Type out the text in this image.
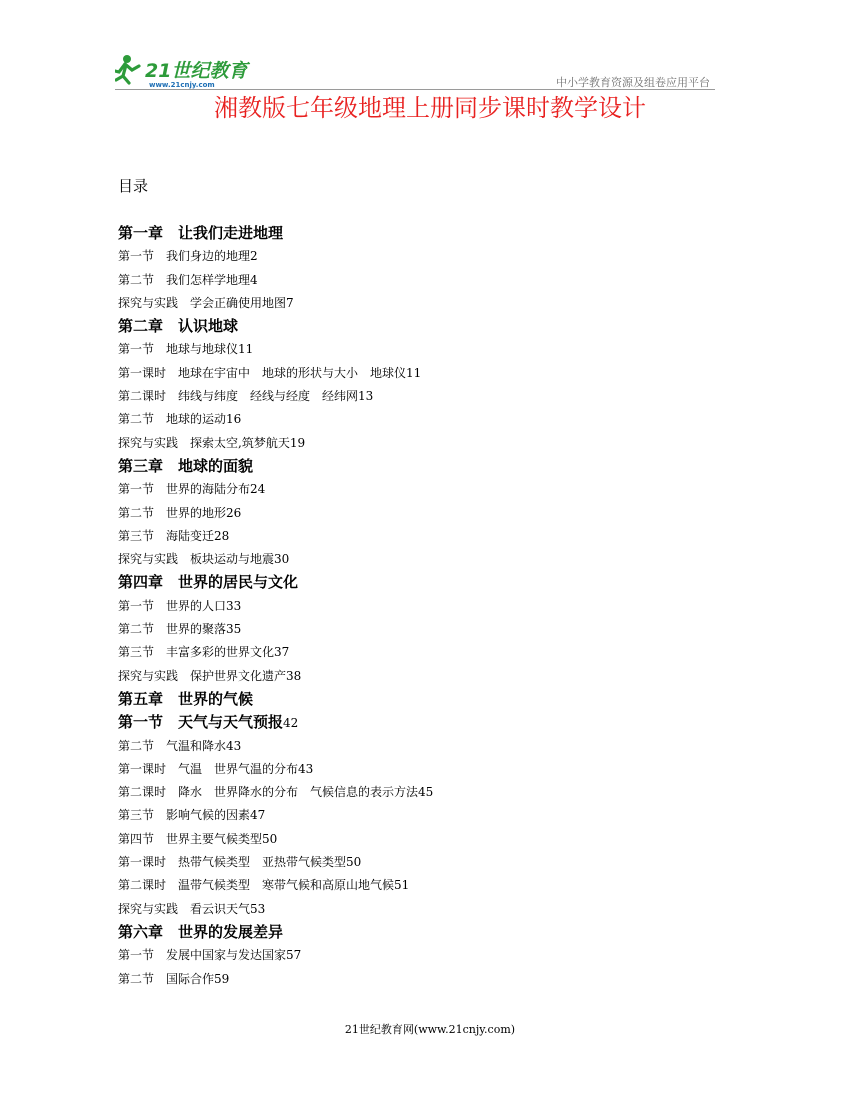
21世纪教育
www.21cnjy.com	中小学教育资源及组卷应用平台
湘教版七年级地理上册同步课时教学设计
目录
第一章　让我们走进地理
第一节　我们身边的地理2
第二节　我们怎样学地理4
探究与实践　学会正确使用地图7
第二章　认识地球
第一节　地球与地球仪11
第一课时　地球在宇宙中　地球的形状与大小　地球仪11
第二课时　纬线与纬度　经线与经度　经纬网13
第二节　地球的运动16
探究与实践　探索太空,筑梦航天19
第三章　地球的面貌
第一节　世界的海陆分布24
第二节　世界的地形26
第三节　海陆变迁28
探究与实践　板块运动与地震30
第四章　世界的居民与文化
第一节　世界的人口33
第二节　世界的聚落35
第三节　丰富多彩的世界文化37
探究与实践　保护世界文化遗产38
第五章　世界的气候
第一节　天气与天气预报42
第二节　气温和降水43
第一课时　气温　世界气温的分布43
第二课时　降水　世界降水的分布　气候信息的表示方法45
第三节　影响气候的因素47
第四节　世界主要气候类型50
第一课时　热带气候类型　亚热带气候类型50
第二课时　温带气候类型　寒带气候和高原山地气候51
探究与实践　看云识天气53
第六章　世界的发展差异
第一节　发展中国家与发达国家57
第二节　国际合作59
21世纪教育网(www.21cnjy.com)
